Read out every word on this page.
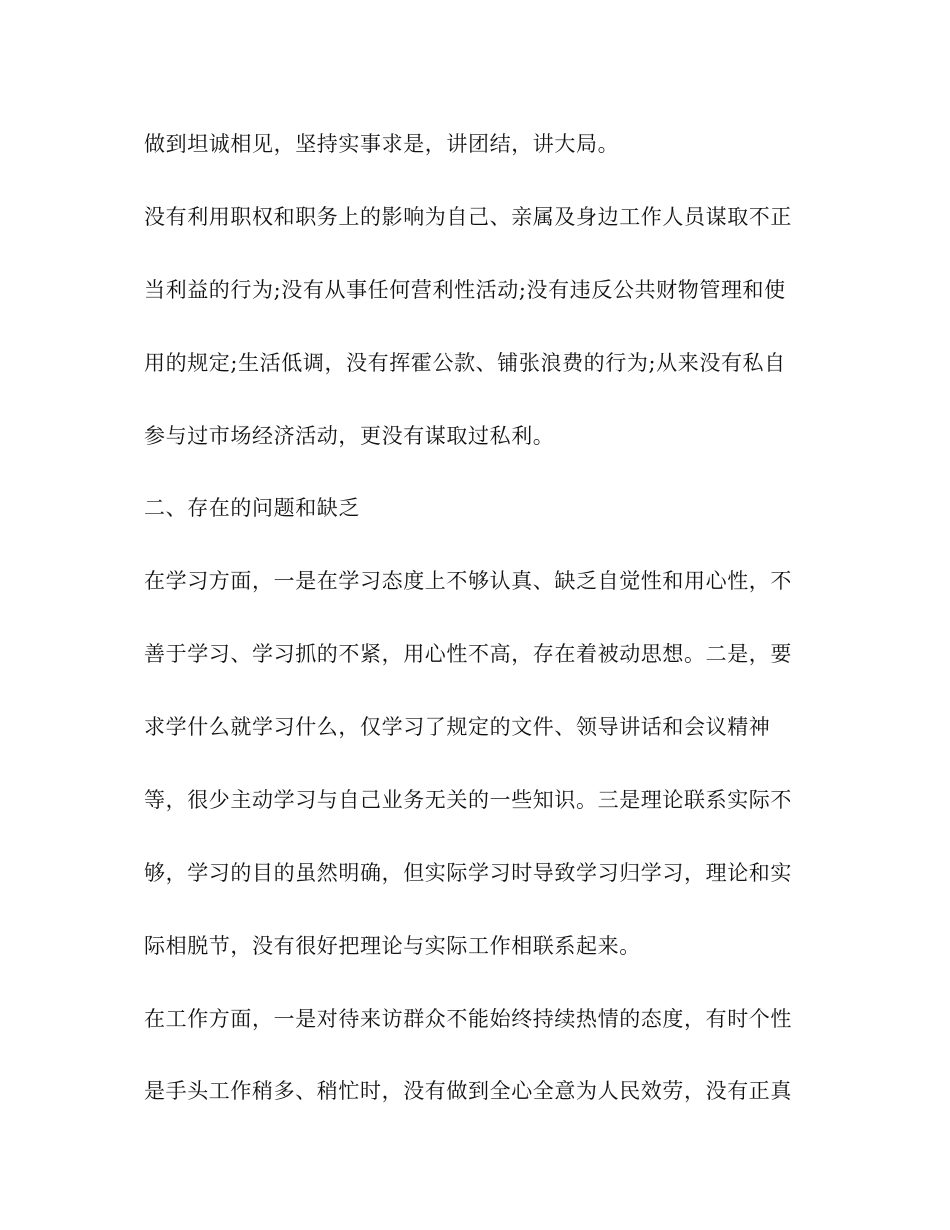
做到坦诚相见，坚持实事求是，讲团结，讲大局。

没有利用职权和职务上的影响为自己、亲属及身边工作人员谋取不正

当利益的行为;没有从事任何营利性活动;没有违反公共财物管理和使

用的规定;生活低调，没有挥霍公款、铺张浪费的行为;从来没有私自

参与过市场经济活动，更没有谋取过私利。

二、存在的问题和缺乏

在学习方面，一是在学习态度上不够认真、缺乏自觉性和用心性，不

善于学习、学习抓的不紧，用心性不高，存在着被动思想。二是，要

求学什么就学习什么，仅学习了规定的文件、领导讲话和会议精神

等，很少主动学习与自己业务无关的一些知识。三是理论联系实际不

够，学习的目的虽然明确，但实际学习时导致学习归学习，理论和实

际相脱节，没有很好把理论与实际工作相联系起来。

在工作方面，一是对待来访群众不能始终持续热情的态度，有时个性

是手头工作稍多、稍忙时，没有做到全心全意为人民效劳，没有正真
